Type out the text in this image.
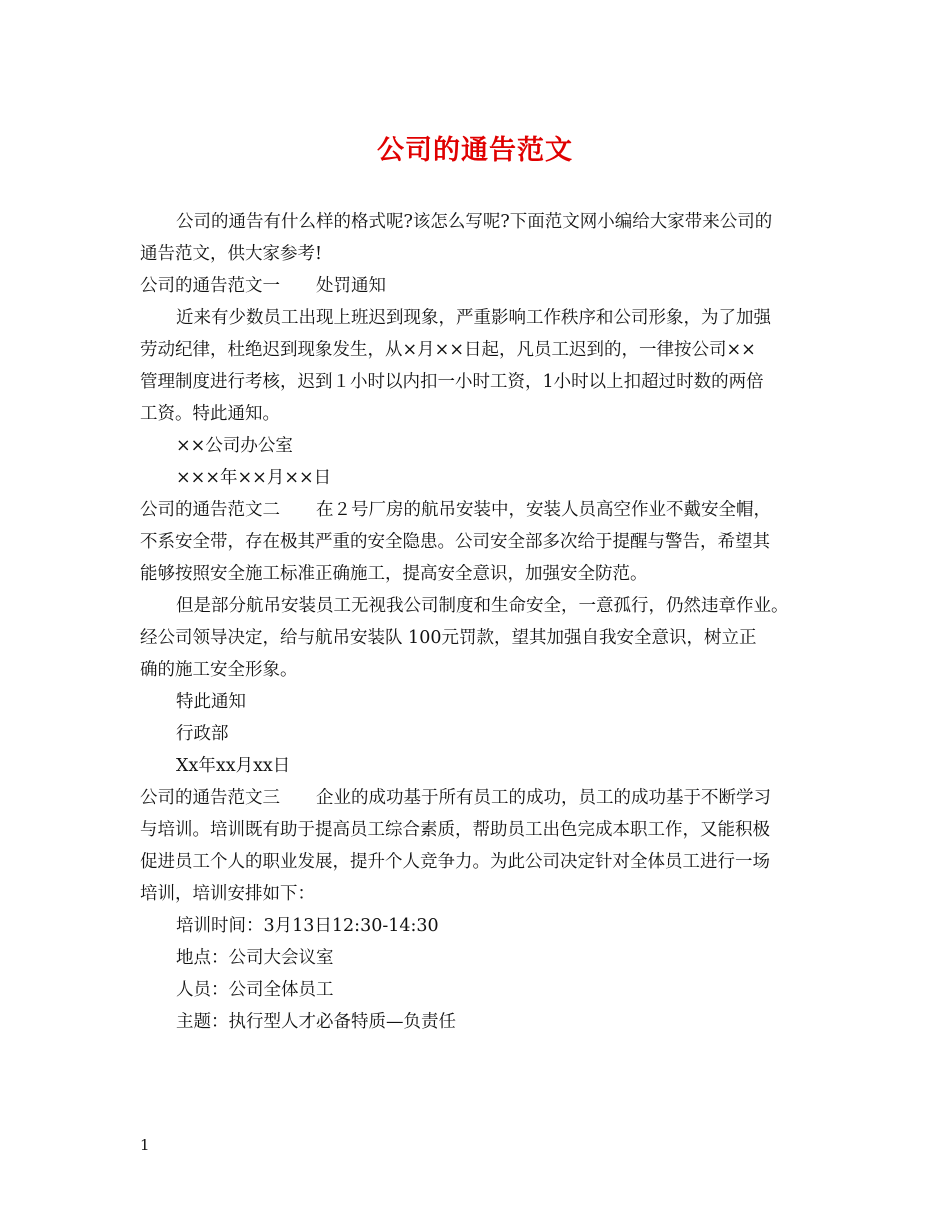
公司的通告范文

公司的通告有什么样的格式呢?该怎么写呢?下面范文网小编给大家带来公司的

通告范文，供大家参考!

公司的通告范文一 处罚通知

近来有少数员工出现上班迟到现象，严重影响工作秩序和公司形象，为了加强

劳动纪律，杜绝迟到现象发生，从×月××日起，凡员工迟到的，一律按公司××

管理制度进行考核，迟到１小时以内扣一小时工资，1小时以上扣超过时数的两倍

工资。特此通知。

××公司办公室

×××年××月××日

公司的通告范文二 在２号厂房的航吊安装中，安装人员高空作业不戴安全帽，

不系安全带，存在极其严重的安全隐患。公司安全部多次给于提醒与警告，希望其

能够按照安全施工标准正确施工，提高安全意识，加强安全防范。

但是部分航吊安装员工无视我公司制度和生命安全，一意孤行，仍然违章作业。

经公司领导决定，给与航吊安装队 100元罚款，望其加强自我安全意识，树立正

确的施工安全形象。

特此通知

行政部

Xx年xx月xx日

公司的通告范文三 企业的成功基于所有员工的成功，员工的成功基于不断学习

与培训。培训既有助于提高员工综合素质，帮助员工出色完成本职工作，又能积极

促进员工个人的职业发展，提升个人竞争力。为此公司决定针对全体员工进行一场

培训，培训安排如下：

培训时间：3月13日12:30-14:30

地点：公司大会议室

人员：公司全体员工

主题：执行型人才必备特质—负责任

1
